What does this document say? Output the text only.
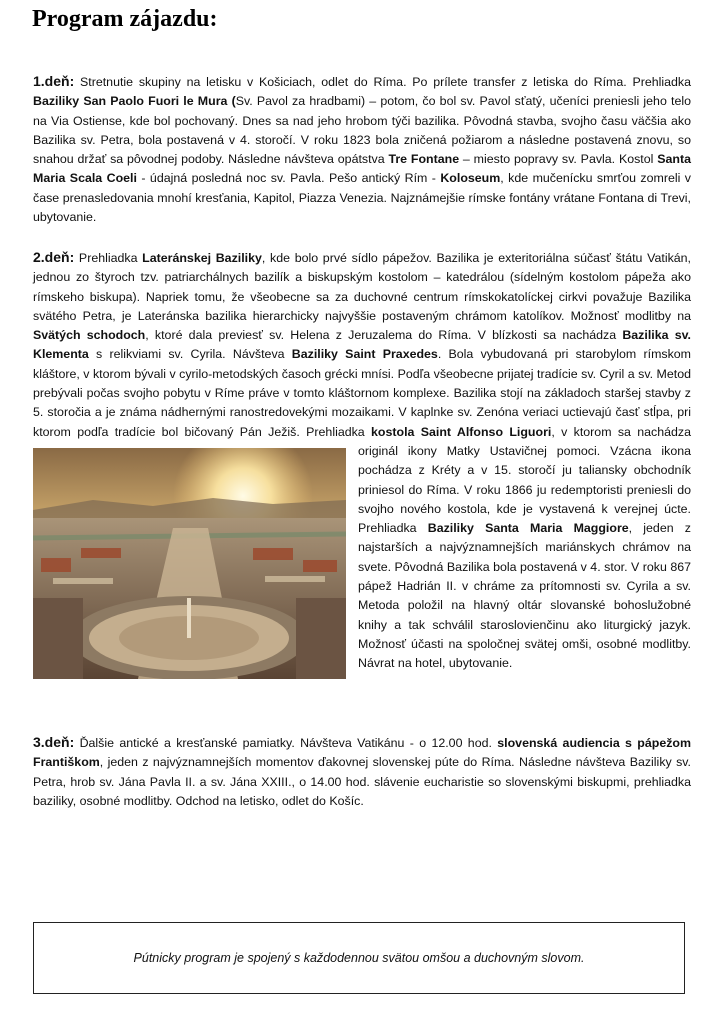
Program zájazdu:

1.deň: Stretnutie skupiny na letisku v Košiciach, odlet do Ríma. Po prílete transfer z letiska do Ríma. Prehliadka Baziliky San Paolo Fuori le Mura (Sv. Pavol za hradbami) – potom, čo bol sv. Pavol sťatý, učeníci preniesli jeho telo na Via Ostiense, kde bol pochovaný. Dnes sa nad jeho hrobom týči bazilika. Pôvodná stavba, svojho času väčšia ako Bazilika sv. Petra, bola postavená v 4. storočí. V roku 1823 bola zničená požiarom a následne postavená znovu, so snahou držať sa pôvodnej podoby. Následne návšteva opátstva Tre Fontane – miesto popravy sv. Pavla. Kostol Santa Maria Scala Coeli - údajná posledná noc sv. Pavla. Pešo antický Rím - Koloseum, kde mučenícku smrťou zomreli v čase prenasledovania mnohí kresťania, Kapitol, Piazza Venezia. Najznámejšie rímske fontány vrátane Fontana di Trevi, ubytovanie.

2.deň: Prehliadka Lateránskej Baziliky, kde bolo prvé sídlo pápežov. Bazilika je exteritoriálna súčasť štátu Vatikán, jednou zo štyroch tzv. patriarchálnych bazilík a biskupským kostolom – katedrálou (sídelným kostolom pápeža ako rímskeho biskupa). Napriek tomu, že všeobecne sa za duchovné centrum rímskokatolíckej cirkvi považuje Bazilika svätého Petra, je Lateránska bazilika hierarchicky najvyššie postaveným chrámom katolíkov. Možnosť modlitby na Svätých schodoch, ktoré dala previesť sv. Helena z Jeruzalema do Ríma. V blízkosti sa nachádza Bazilika sv. Klementa s relikviami sv. Cyrila. Návšteva Baziliky Saint Praxedes. Bola vybudovaná pri starobylom rímskom kláštore, v ktorom bývali v cyrilo-metodských časoch grécki mnísi. Podľa všeobecne prijatej tradície sv. Cyril a sv. Metod prebývali počas svojho pobytu v Ríme práve v tomto kláštornom komplexe. Bazilika stojí na základoch staršej stavby z 5. storočia a je známa nádhernými ranostredovekými mozaikami. V kaplnke sv. Zenóna veriaci uctievajú časť stĺpa, pri ktorom podľa tradície bol bičovaný Pán Ježiš. Prehliadka kostola Saint Alfonso Liguori, v ktorom sa nachádza originál ikony Matky Ustavičnej pomoci.
Vzácna ikona pochádza z Kréty a v 15. storočí ju taliansky obchodník priniesol do Ríma. V roku 1866 ju redemptoristi preniesli do svojho nového kostola, kde je vystavená k verejnej úcte. Prehliadka Baziliky Santa Maria Maggiore, jeden z najstarších a najvýznamnejších mariánskych chrámov na svete. Pôvodná Bazilika bola postavená v 4. stor. V roku 867 pápež Hadrián II. v chráme za prítomnosti sv. Cyrila a sv. Metoda položil na hlavný oltár slovanské bohoslužobné knihy a tak schválil staroslovienčinu ako liturgický jazyk. Možnosť účasti na spoločnej svätej omši, osobné modlitby. Návrat na hotel, ubytovanie.

3.deň: Ďalšie antické a kresťanské pamiatky. Návšteva Vatikánu - o 12.00 hod. slovenská audiencia s pápežom Františkom, jeden z najvýznamnejších momentov ďakovnej slovenskej púte do Ríma. Následne návšteva Baziliky sv. Petra, hrob sv. Jána Pavla II. a sv. Jána XXIII., o 14.00 hod. slávenie eucharistie so slovenskými biskupmi, prehliadka baziliky, osobné modlitby. Odchod na letisko, odlet do Košíc.

Pútnicky program je spojený s každodennou svätou omšou a duchovným slovom.
